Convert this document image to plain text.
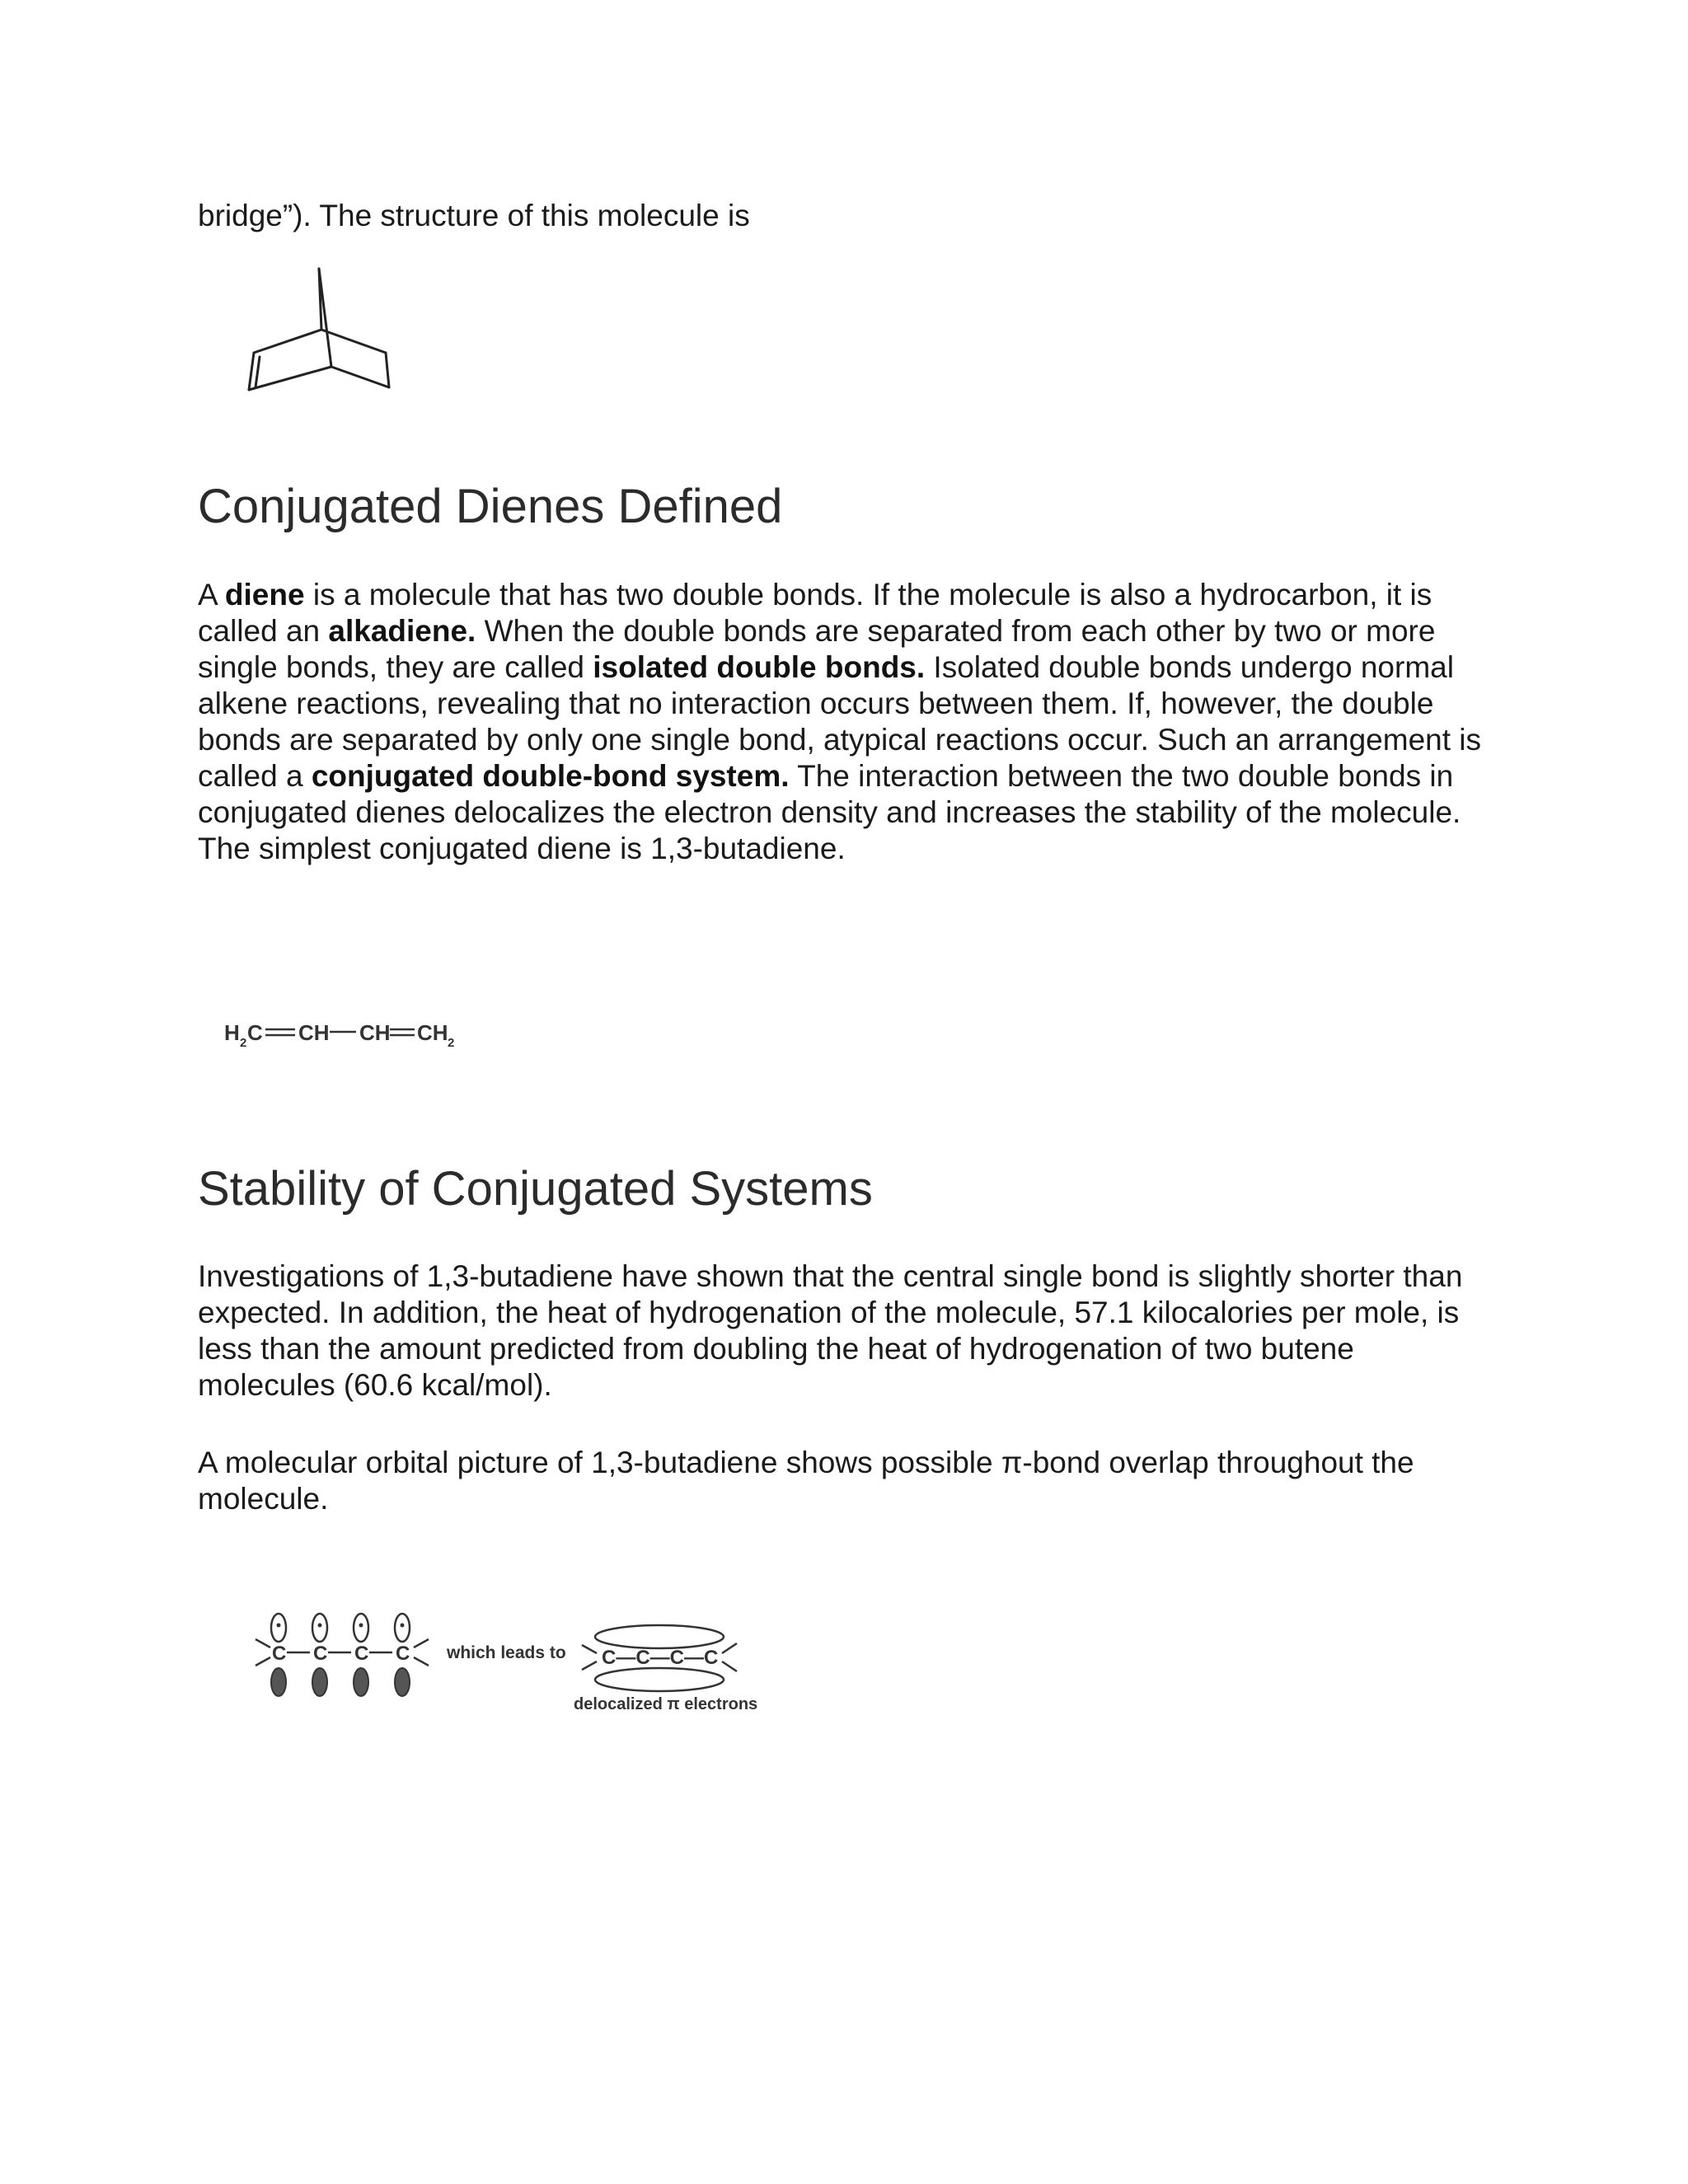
bridge”). The structure of this molecule is

Conjugated Dienes Defined

A diene is a molecule that has two double bonds. If the molecule is also a hydrocarbon, it is called an alkadiene. When the double bonds are separated from each other by two or more single bonds, they are called isolated double bonds. Isolated double bonds undergo normal alkene reactions, revealing that no interaction occurs between them. If, however, the double bonds are separated by only one single bond, atypical reactions occur. Such an arrangement is called a conjugated double-bond system. The interaction between the two double bonds in conjugated dienes delocalizes the electron density and increases the stability of the molecule. The simplest conjugated diene is 1,3-butadiene.

H 2 C CH CH CH 2
Stability of Conjugated Systems

Investigations of 1,3-butadiene have shown that the central single bond is slightly shorter than expected. In addition, the heat of hydrogenation of the molecule, 57.1 kilocalories per mole, is less than the amount predicted from doubling the heat of hydrogenation of two butene molecules (60.6 kcal/mol).

A molecular orbital picture of 1,3-butadiene shows possible π-bond overlap throughout the molecule.

C C C C which leads to C—C—C—C
delocalized π electrons
